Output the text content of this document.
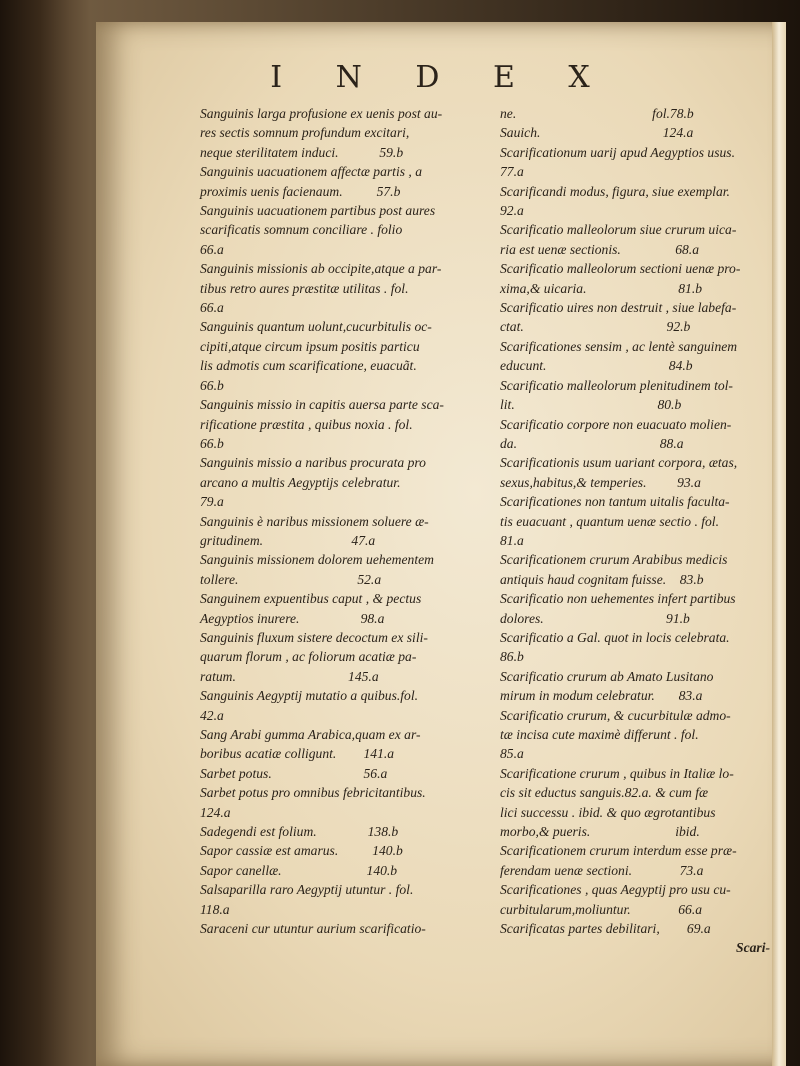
I N D E X

Sanguinis larga profusione ex uenis post au-

res sectis somnum profundum excitari,

neque sterilitatem induci.            59.b

Sanguinis uacuationem affectæ partis , a

proximis uenis facienaum.          57.b

Sanguinis uacuationem partibus post aures

scarificatis somnum conciliare . folio

66.a

Sanguinis missionis ab occipite,atque a par-

tibus retro aures præstitæ utilitas . fol.

66.a

Sanguinis quantum uolunt,cucurbitulis oc-

cipiti,atque circum ipsum positis particu

lis admotis cum scarificatione, euacuãt.

66.b

Sanguinis missio in capitis auersa parte sca-

rificatione præstita , quibus noxia . fol.

66.b

Sanguinis missio a naribus procurata pro

arcano a multis Aegyptijs celebratur.

79.a

Sanguinis è naribus missionem soluere æ-

gritudinem.                          47.a

Sanguinis missionem dolorem uehementem

tollere.                                   52.a

Sanguinem expuentibus caput , & pectus

Aegyptios inurere.                  98.a

Sanguinis fluxum sistere decoctum ex sili-

quarum florum , ac foliorum acatiæ pa-

ratum.                                 145.a

Sanguinis Aegyptij mutatio a quibus.fol.

42.a

Sang Arabi gumma Arabica,quam ex ar-

boribus acatiæ colligunt.        141.a

Sarbet potus.                           56.a

Sarbet potus pro omnibus febricitantibus.

124.a

Sadegendi est folium.               138.b

Sapor cassiæ est amarus.          140.b

Sapor canellæ.                         140.b

Salsaparilla raro Aegyptij utuntur . fol.

118.a

Saraceni cur utuntur aurium scarificatio-

ne.                                        fol.78.b

Sauich.                                    124.a

Scarificationum uarij apud Aegyptios usus.

77.a

Scarificandi modus, figura, siue exemplar.

92.a

Scarificatio malleolorum siue crurum uica-

ria est uenæ sectionis.                68.a

Scarificatio malleolorum sectioni uenæ pro-

xima,& uicaria.                           81.b

Scarificatio uires non destruit , siue labefa-

ctat.                                          92.b

Scarificationes sensim , ac lentè sanguinem

educunt.                                    84.b

Scarificatio malleolorum plenitudinem tol-

lit.                                          80.b

Scarificatio corpore non euacuato molien-

da.                                          88.a

Scarificationis usum uariant corpora, ætas,

sexus,habitus,& temperies.         93.a

Scarificationes non tantum uitalis faculta-

tis euacuant , quantum uenæ sectio . fol.

81.a

Scarificationem crurum Arabibus medicis

antiquis haud cognitam fuisse.    83.b

Scarificatio non uehementes infert partibus

dolores.                                    91.b

Scarificatio a Gal. quot in locis celebrata.

86.b

Scarificatio crurum ab Amato Lusitano

mirum in modum celebratur.       83.a

Scarificatio crurum, & cucurbitulæ admo-

tæ incisa cute maximè differunt . fol.

85.a

Scarificatione crurum , quibus in Italiæ lo-

cis sit eductus sanguis.82.a. & cum fæ

lici successu . ibid. & quo ægrotantibus

morbo,& pueris.                         ibid.

Scarificationem crurum interdum esse præ-

ferendam uenæ sectioni.              73.a

Scarificationes , quas Aegyptij pro usu cu-

curbitularum,moliuntur.              66.a

Scarificatas partes debilitari,        69.a

Scari-
